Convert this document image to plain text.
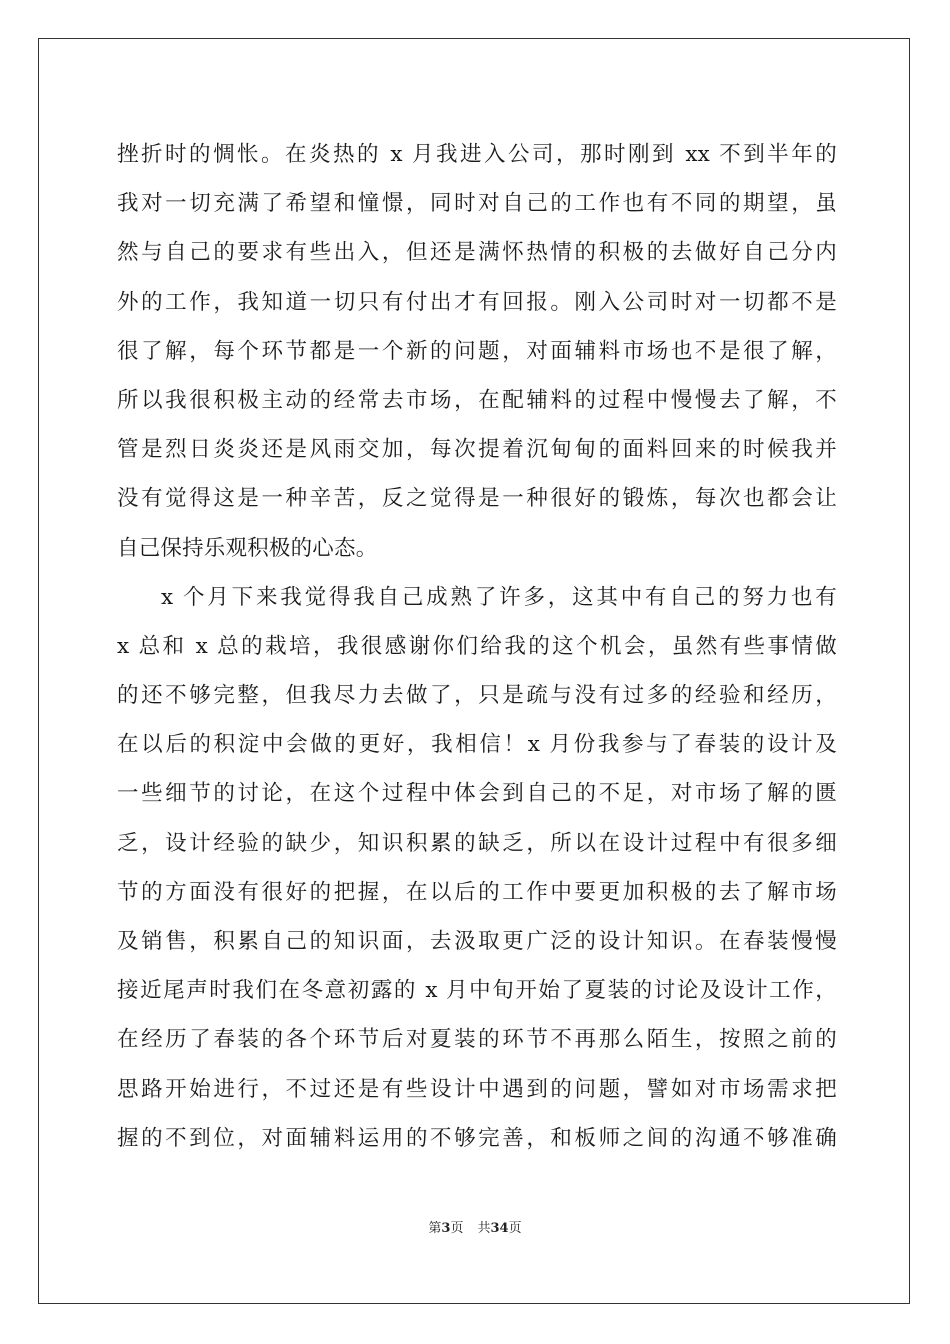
挫折时的惆怅。在炎热的 x 月我进入公司，那时刚到 xx 不到半年的
我对一切充满了希望和憧憬，同时对自己的工作也有不同的期望，虽
然与自己的要求有些出入，但还是满怀热情的积极的去做好自己分内
外的工作，我知道一切只有付出才有回报。刚入公司时对一切都不是
很了解，每个环节都是一个新的问题，对面辅料市场也不是很了解，
所以我很积极主动的经常去市场，在配辅料的过程中慢慢去了解，不
管是烈日炎炎还是风雨交加，每次提着沉甸甸的面料回来的时候我并
没有觉得这是一种辛苦，反之觉得是一种很好的锻炼，每次也都会让
自己保持乐观积极的心态。
x 个月下来我觉得我自己成熟了许多，这其中有自己的努力也有
x 总和 x 总的栽培，我很感谢你们给我的这个机会，虽然有些事情做
的还不够完整，但我尽力去做了，只是疏与没有过多的经验和经历，
在以后的积淀中会做的更好，我相信！x 月份我参与了春装的设计及
一些细节的讨论，在这个过程中体会到自己的不足，对市场了解的匮
乏，设计经验的缺少，知识积累的缺乏，所以在设计过程中有很多细
节的方面没有很好的把握，在以后的工作中要更加积极的去了解市场
及销售，积累自己的知识面，去汲取更广泛的设计知识。在春装慢慢
接近尾声时我们在冬意初露的 x 月中旬开始了夏装的讨论及设计工作，
在经历了春装的各个环节后对夏装的环节不再那么陌生，按照之前的
思路开始进行，不过还是有些设计中遇到的问题，譬如对市场需求把
握的不到位，对面辅料运用的不够完善，和板师之间的沟通不够准确
第3页 共34页
